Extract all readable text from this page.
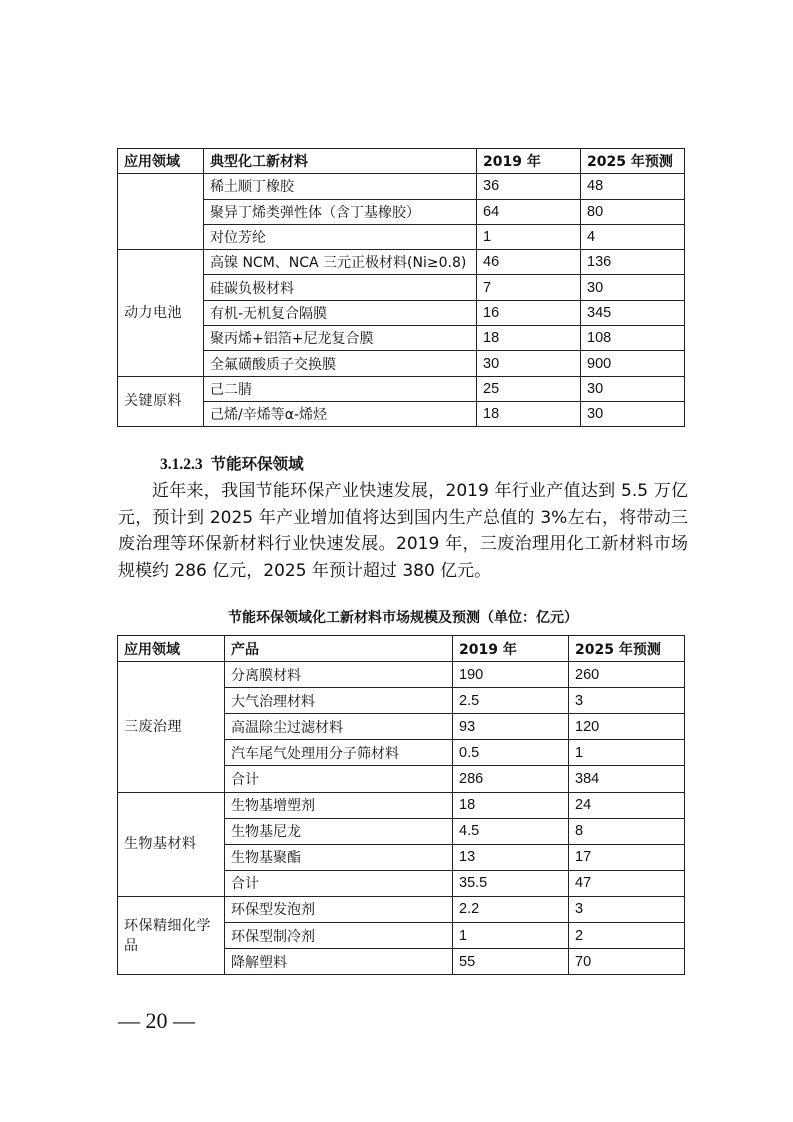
应用领域	典型化工新材料	2019 年	2025 年预测
	稀土顺丁橡胶	36	48
	聚异丁烯类弹性体（含丁基橡胶）	64	80
	对位芳纶	1	4
动力电池	高镍 NCM、NCA 三元正极材料(Ni≥0.8)	46	136
	硅碳负极材料	7	30
	有机-无机复合隔膜	16	345
	聚丙烯+铝箔+尼龙复合膜	18	108
	全氟磺酸质子交换膜	30	900
关键原料	己二腈	25	30
	己烯/辛烯等α-烯烃	18	30
3.1.2.3 节能环保领域

近年来，我国节能环保产业快速发展，2019 年行业产值达到 5.5 万亿元，预计到 2025 年产业增加值将达到国内生产总值的 3%左右，将带动三废治理等环保新材料行业快速发展。2019 年，三废治理用化工新材料市场规模约 286 亿元，2025 年预计超过 380 亿元。

节能环保领域化工新材料市场规模及预测（单位：亿元）
应用领域	产品	2019 年	2025 年预测
三废治理	分离膜材料	190	260
	大气治理材料	2.5	3
	高温除尘过滤材料	93	120
	汽车尾气处理用分子筛材料	0.5	1
	合计	286	384
生物基材料	生物基增塑剂	18	24
	生物基尼龙	4.5	8
	生物基聚酯	13	17
	合计	35.5	47
环保精细化学品	环保型发泡剂	2.2	3
	环保型制冷剂	1	2
	降解塑料	55	70
— 20 —
